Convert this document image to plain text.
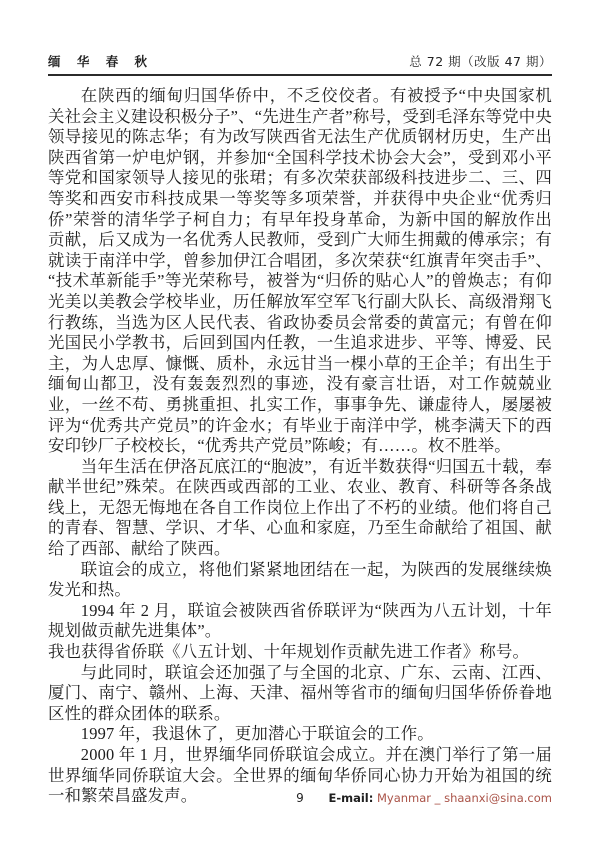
缅 华 春 秋	总 72 期（改版 47 期）

在陕西的缅甸归国华侨中，不乏佼佼者。有被授予“中央国家机关社会主义建设积极分子”、“先进生产者”称号，受到毛泽东等党中央领导接见的陈志华；有为改写陕西省无法生产优质钢材历史，生产出陕西省第一炉电炉钢，并参加“全国科学技术协会大会”，受到邓小平等党和国家领导人接见的张珺；有多次荣获部级科技进步二、三、四等奖和西安市科技成果一等奖等多项荣誉，并获得中央企业“优秀归侨”荣誉的清华学子柯自力；有早年投身革命，为新中国的解放作出贡献，后又成为一名优秀人民教师，受到广大师生拥戴的傅承宗；有就读于南洋中学，曾参加伊江合唱团，多次荣获“红旗青年突击手”、“技术革新能手”等光荣称号，被誉为“归侨的贴心人”的曾焕志；有仰光美以美教会学校毕业，历任解放军空军飞行副大队长、高级滑翔飞行教练，当选为区人民代表、省政协委员会常委的黄富元；有曾在仰光国民小学教书，后回到国内任教，一生追求进步、平等、博爱、民主，为人忠厚、慷慨、质朴，永远甘当一棵小草的王企羊；有出生于缅甸山都卫，没有轰轰烈烈的事迹，没有豪言壮语，对工作兢兢业业，一丝不苟、勇挑重担、扎实工作，事事争先、谦虚待人，屡屡被评为“优秀共产党员”的许金水；有毕业于南洋中学，桃李满天下的西安印钞厂子校校长，“优秀共产党员”陈峻；有……。枚不胜举。

当年生活在伊洛瓦底江的“胞波”，有近半数获得“归国五十载，奉献半世纪”殊荣。在陕西或西部的工业、农业、教育、科研等各条战线上，无怨无悔地在各自工作岗位上作出了不朽的业绩。他们将自己的青春、智慧、学识、才华、心血和家庭，乃至生命献给了祖国、献给了西部、献给了陕西。

联谊会的成立，将他们紧紧地团结在一起，为陕西的发展继续焕发光和热。

1994 年 2 月，联谊会被陕西省侨联评为“陕西为八五计划，十年规划做贡献先进集体”。

我也获得省侨联《八五计划、十年规划作贡献先进工作者》称号。

与此同时，联谊会还加强了与全国的北京、广东、云南、江西、厦门、南宁、赣州、上海、天津、福州等省市的缅甸归国华侨侨眷地区性的群众团体的联系。

1997 年，我退休了，更加潜心于联谊会的工作。

2000 年 1 月，世界缅华同侨联谊会成立。并在澳门举行了第一届世界缅华同侨联谊大会。全世界的缅甸华侨同心协力开始为祖国的统一和繁荣昌盛发声。	9	E-mail: Myanmar _ shaanxi@sina.com
